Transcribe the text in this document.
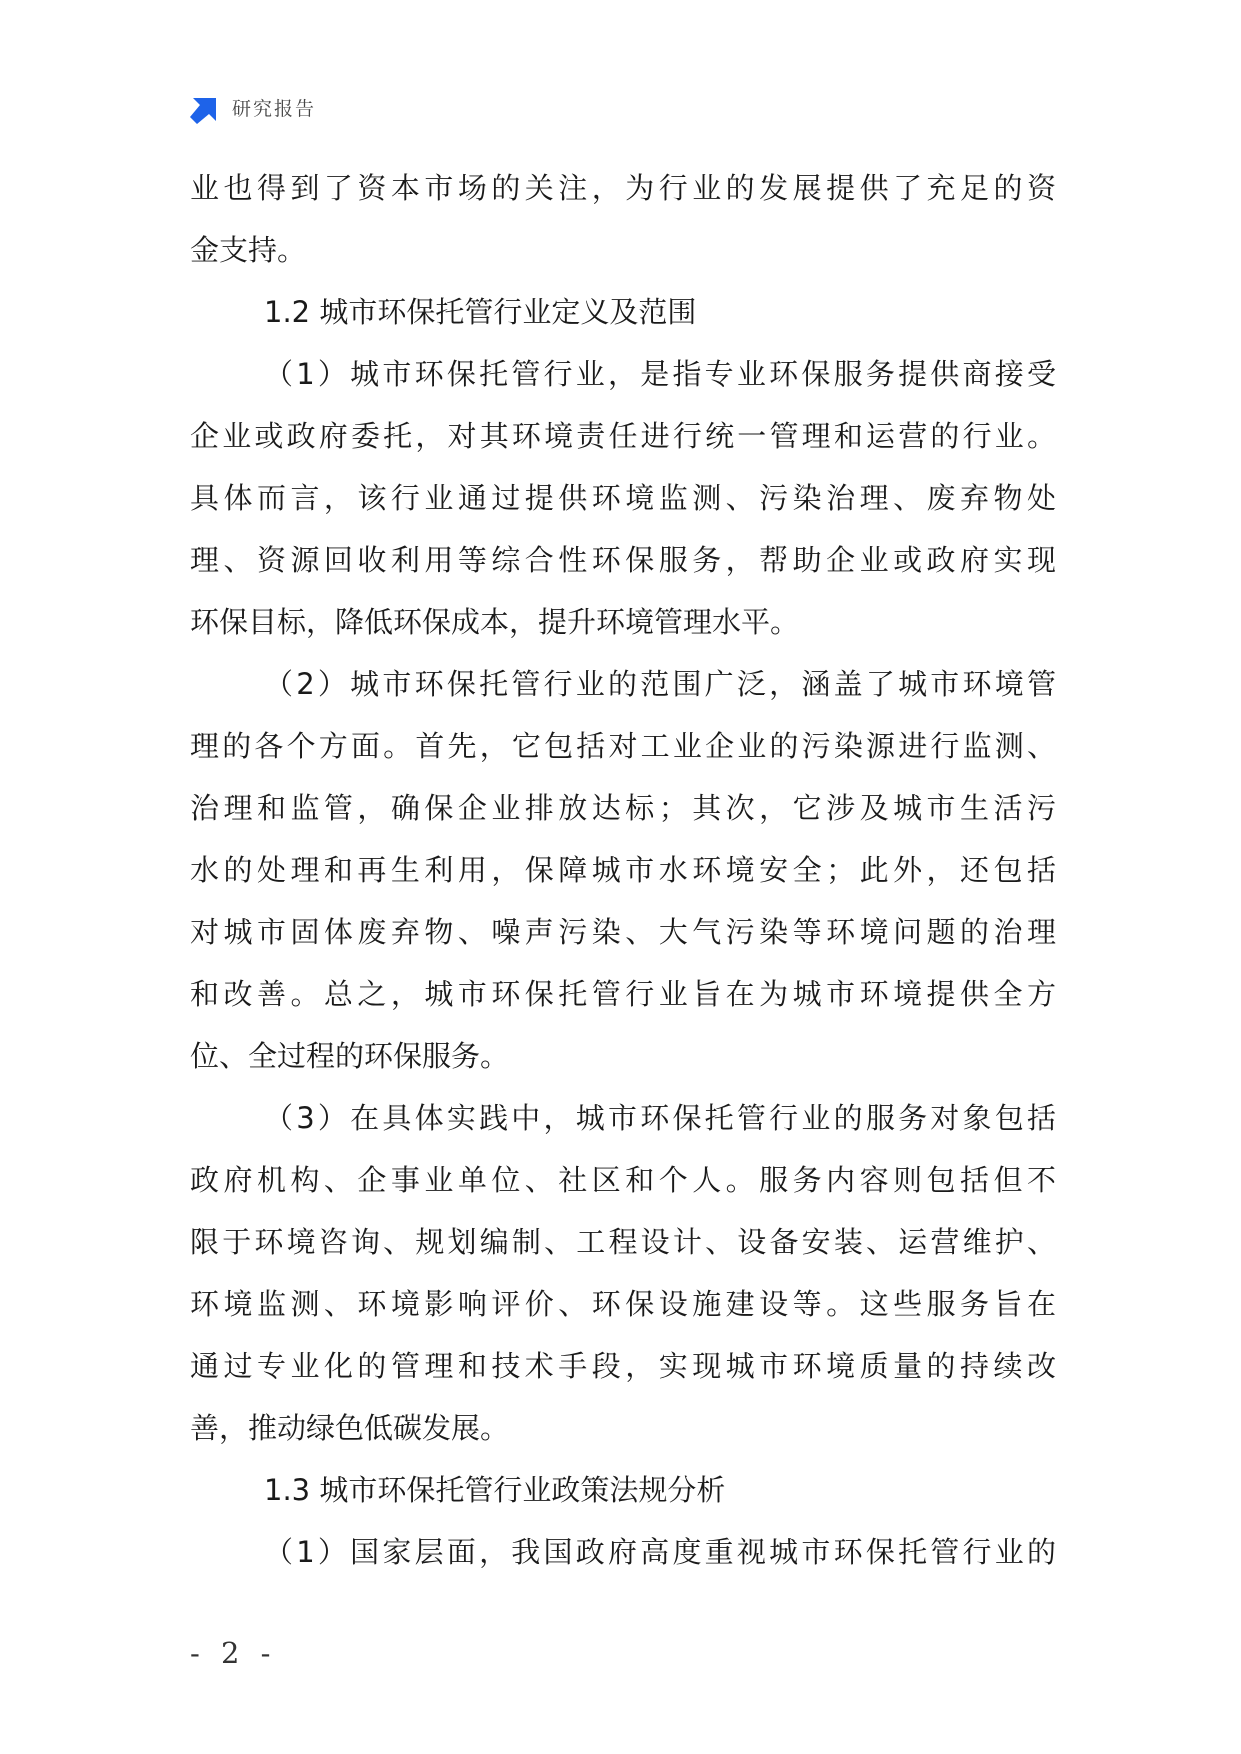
研究报告
业也得到了资本市场的关注，为行业的发展提供了充足的资
金支持。
1.2 城市环保托管行业定义及范围
（1）城市环保托管行业，是指专业环保服务提供商接受
企业或政府委托，对其环境责任进行统一管理和运营的行业。
具体而言，该行业通过提供环境监测、污染治理、废弃物处
理、资源回收利用等综合性环保服务，帮助企业或政府实现
环保目标，降低环保成本，提升环境管理水平。
（2）城市环保托管行业的范围广泛，涵盖了城市环境管
理的各个方面。首先，它包括对工业企业的污染源进行监测、
治理和监管，确保企业排放达标；其次，它涉及城市生活污
水的处理和再生利用，保障城市水环境安全；此外，还包括
对城市固体废弃物、噪声污染、大气污染等环境问题的治理
和改善。总之，城市环保托管行业旨在为城市环境提供全方
位、全过程的环保服务。
（3）在具体实践中，城市环保托管行业的服务对象包括
政府机构、企事业单位、社区和个人。服务内容则包括但不
限于环境咨询、规划编制、工程设计、设备安装、运营维护、
环境监测、环境影响评价、环保设施建设等。这些服务旨在
通过专业化的管理和技术手段，实现城市环境质量的持续改
善，推动绿色低碳发展。
1.3 城市环保托管行业政策法规分析
（1）国家层面，我国政府高度重视城市环保托管行业的
- 2 -
